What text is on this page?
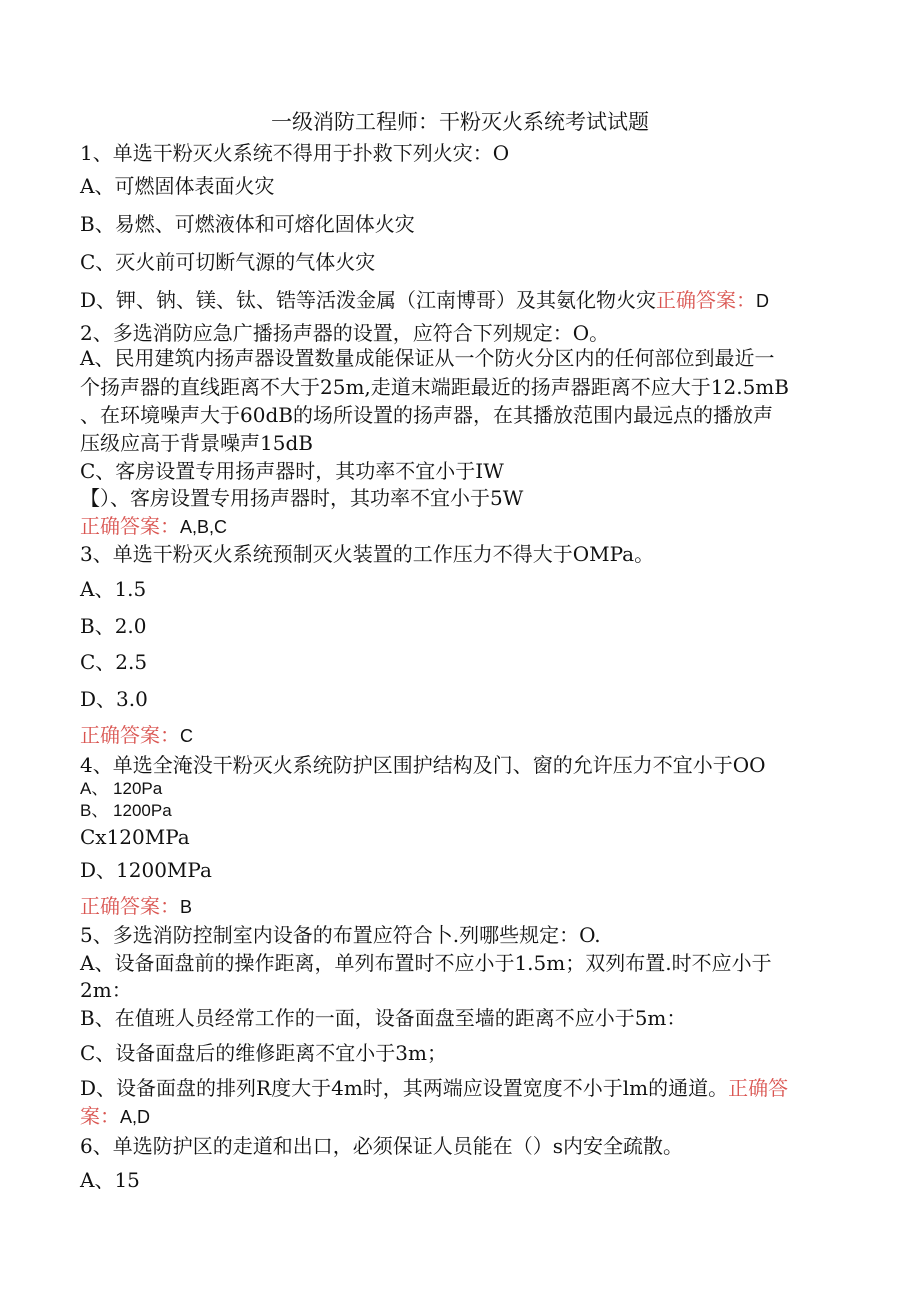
一级消防工程师：干粉灭火系统考试试题
1、单选干粉灭火系统不得用于扑救下列火灾：O
A、可燃固体表面火灾
B、易燃、可燃液体和可熔化固体火灾
C、灭火前可切断气源的气体火灾
D、钾、钠、镁、钛、锆等活泼金属（江南博哥）及其氨化物火灾正确答案：D
2、多选消防应急广播扬声器的设置，应符合下列规定：O。
A、民用建筑内扬声器设置数量成能保证从一个防火分区内的任何部位到最近一
个扬声器的直线距离不大于25m,走道末端距最近的扬声器距离不应大于12.5mB
、在环境噪声大于60dB的场所设置的扬声器，在其播放范围内最远点的播放声
压级应高于背景噪声15dB
C、客房设置专用扬声器时，其功率不宜小于IW
【）、客房设置专用扬声器时，其功率不宜小于5W
正确答案：A,B,C
3、单选干粉灭火系统预制灭火装置的工作压力不得大于OMPa。
A、1.5
B、2.0
C、2.5
D、3.0
正确答案：C
4、单选全淹没干粉灭火系统防护区围护结构及门、窗的允许压力不宜小于OO
A、 120Pa
B、 1200Pa
Cx120MPa
D、1200MPa
正确答案：B
5、多选消防控制室内设备的布置应符合卜.列哪些规定：O.
A、设备面盘前的操作距离，单列布置时不应小于1.5m；双列布置.时不应小于
2m：
B、在值班人员经常工作的一面，设备面盘至墙的距离不应小于5m：
C、设备面盘后的维修距离不宜小于3m；
D、设备面盘的排列R度大于4m时，其两端应设置宽度不小于lm的通道。正确答
案：A,D
6、单选防护区的走道和出口，必须保证人员能在（）s内安全疏散。
A、15
